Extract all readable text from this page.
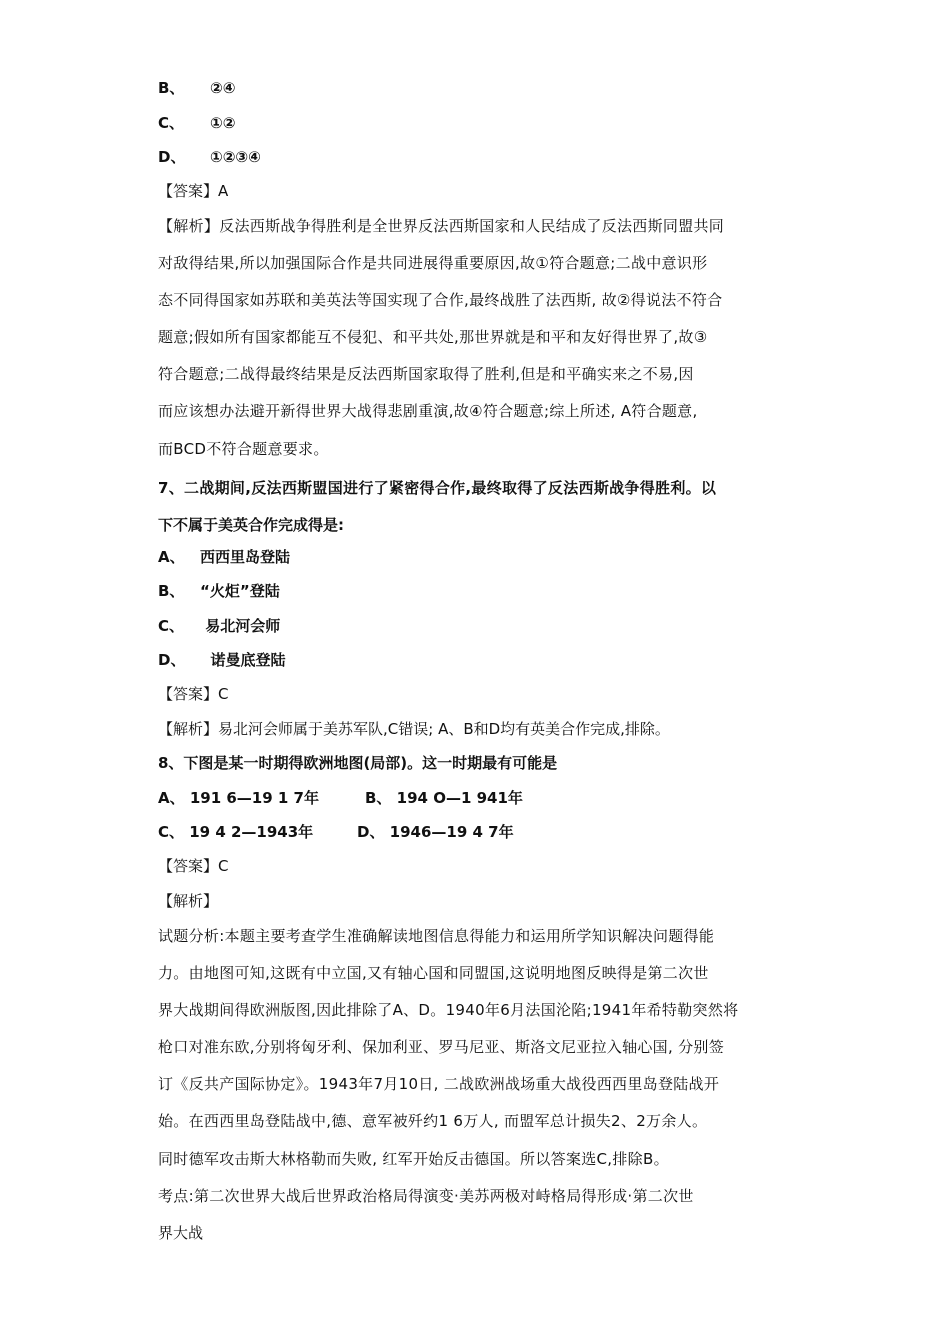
B、 ②④
C、 ①②
D、 ①②③④
【答案】A
【解析】反法西斯战争得胜利是全世界反法西斯国家和人民结成了反法西斯同盟共同
对敌得结果,所以加强国际合作是共同进展得重要原因,故①符合题意;二战中意识形
态不同得国家如苏联和美英法等国实现了合作,最终战胜了法西斯, 故②得说法不符合
题意;假如所有国家都能互不侵犯、和平共处,那世界就是和平和友好得世界了,故③
符合题意;二战得最终结果是反法西斯国家取得了胜利,但是和平确实来之不易,因
而应该想办法避开新得世界大战得悲剧重演,故④符合题意;综上所述, A符合题意,
而BCD不符合题意要求。
7、二战期间,反法西斯盟国进行了紧密得合作,最终取得了反法西斯战争得胜利。以
下不属于美英合作完成得是:
A、 西西里岛登陆
B、 “火炬”登陆
C、 易北河会师
D、  诺曼底登陆
【答案】C
【解析】易北河会师属于美苏军队,C错误; A、B和D均有英美合作完成,排除。
8、下图是某一时期得欧洲地图(局部)。这一时期最有可能是
A、 191 6—19 1 7年	B、 194 O—1 941年
C、 19 4 2—1943年	D、 1946—19 4 7年
【答案】C
【解析】
试题分析:本题主要考查学生准确解读地图信息得能力和运用所学知识解决问题得能
力。由地图可知,这既有中立国,又有轴心国和同盟国,这说明地图反映得是第二次世
界大战期间得欧洲版图,因此排除了A、D。1940年6月法国沦陷;1941年希特勒突然将
枪口对准东欧,分别将匈牙利、保加利亚、罗马尼亚、斯洛文尼亚拉入轴心国, 分别签
订《反共产国际协定》。1943年7月10日, 二战欧洲战场重大战役西西里岛登陆战开
始。在西西里岛登陆战中,德、意军被歼约1 6万人, 而盟军总计损失2、2万余人。
同时德军攻击斯大林格勒而失败, 红军开始反击德国。所以答案选C,排除B。
考点:第二次世界大战后世界政治格局得演变·美苏两极对峙格局得形成·第二次世
界大战
